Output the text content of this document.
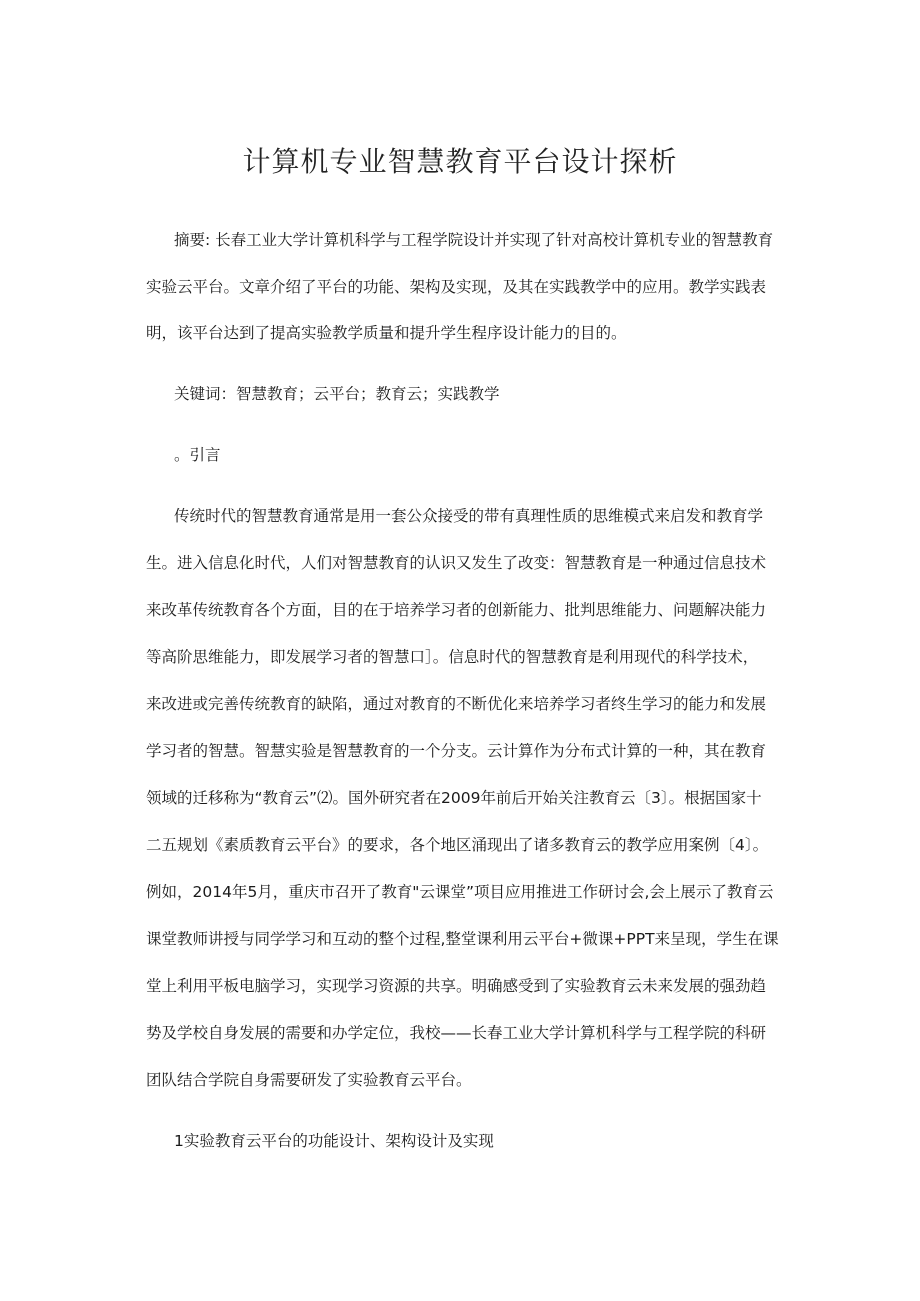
计算机专业智慧教育平台设计探析

摘要: 长春工业大学计算机科学与工程学院设计并实现了针对高校计算机专业的智慧教育

实验云平台。文章介绍了平台的功能、架构及实现，及其在实践教学中的应用。教学实践表

明，该平台达到了提高实验教学质量和提升学生程序设计能力的目的。

关键词：智慧教育；云平台；教育云；实践教学

。引言

传统时代的智慧教育通常是用一套公众接受的带有真理性质的思维模式来启发和教育学

生。进入信息化时代，人们对智慧教育的认识又发生了改变：智慧教育是一种通过信息技术

来改革传统教育各个方面，目的在于培养学习者的创新能力、批判思维能力、问题解决能力

等高阶思维能力，即发展学习者的智慧口］。信息时代的智慧教育是利用现代的科学技术，

来改进或完善传统教育的缺陷，通过对教育的不断优化来培养学习者终生学习的能力和发展

学习者的智慧。智慧实验是智慧教育的一个分支。云计算作为分布式计算的一种，其在教育

领域的迁移称为“教育云”⑵。国外研究者在2009年前后开始关注教育云〔3〕。根据国家十

二五规划《素质教育云平台》的要求，各个地区涌现出了诸多教育云的教学应用案例〔4〕。

例如，2014年5月，重庆市召开了教育"云课堂”项目应用推进工作研讨会,会上展示了教育云

课堂教师讲授与同学学习和互动的整个过程,整堂课利用云平台+微课+PPT来呈现，学生在课

堂上利用平板电脑学习，实现学习资源的共享。明确感受到了实验教育云未来发展的强劲趋

势及学校自身发展的需要和办学定位，我校——长春工业大学计算机科学与工程学院的科研

团队结合学院自身需要研发了实验教育云平台。

1实验教育云平台的功能设计、架构设计及实现
